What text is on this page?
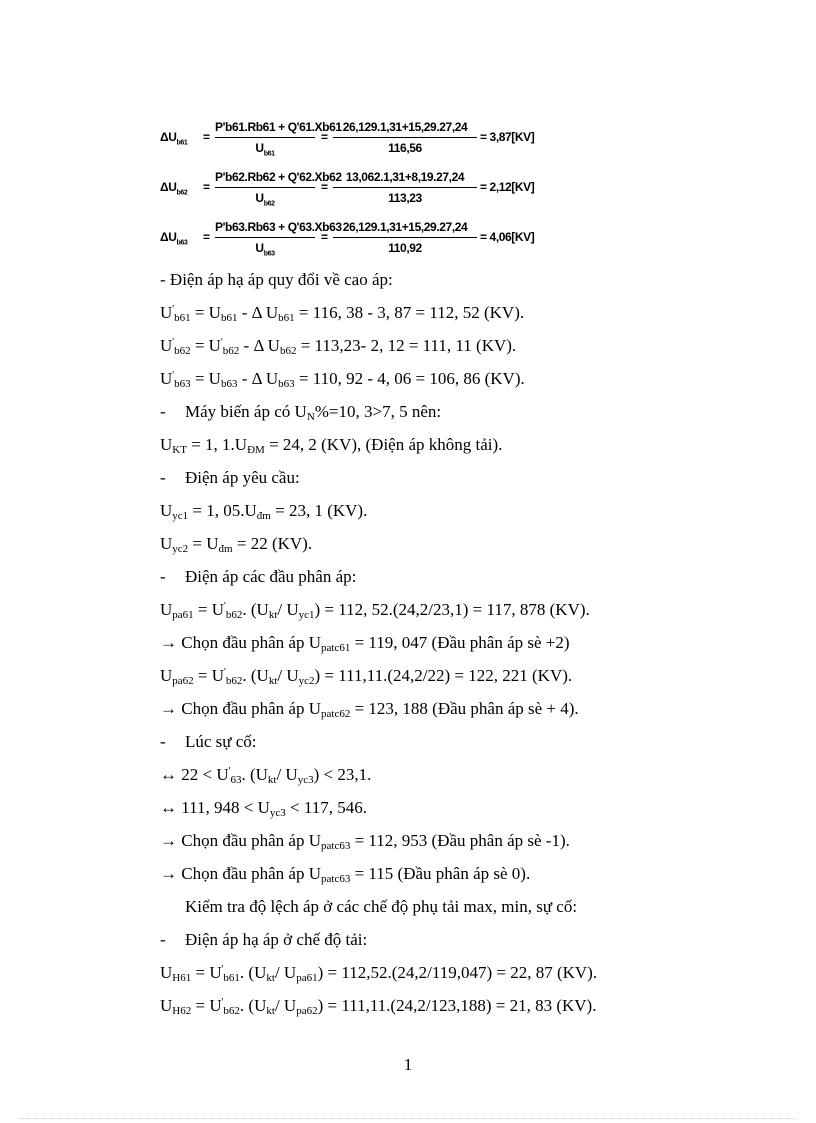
$\Delta U_{b61} = \frac{P'b61.Rb61 + Q'61.Xb61}{U_{b61}} = \frac{26,129.1,31+15,29.27,24}{116,56} = 3,87[KV]$
$\Delta U_{b62} = \frac{P'b62.Rb62 + Q'62.Xb62}{U_{b62}} = \frac{13,062.1,31+8,19.27,24}{113,23} = 2,12[KV]$
$\Delta U_{b63} = \frac{P'b63.Rb63 + Q'63.Xb63}{U_{b63}} = \frac{26,129.1,31+15,29.27,24}{110,92} = 4,06[KV]$
- Điện áp hạ áp quy đổi về cao áp:
$U'_{b61} = U_{b61} - \Delta$ $U_{b61} = 116$, 38 - 3, 87 = 112, 52 (KV).
$U'_{b62} = U'_{b62} - \Delta$ $U_{b62} = 113,23-$ 2, 12 = 111, 11 (KV).
$U'_{b63} = U_{b63} - \Delta$ $U_{b63} = 110$, 92 - 4, 06 = 106, 86 (KV).
- Máy biến áp có $U_N\%=10$, 3>7, 5 nên:
$U_{KT} = 1$, $1.U_{ĐM} = 24$, 2 (KV), (Điện áp không tải).
- Điện áp yêu cầu:
$U_{yc1} = 1$, $05.U_{đm} = 23$, 1 (KV).
$U_{yc2} = U_{đm} = 22$ (KV).
- Điện áp các đầu phân áp:
$U_{pa61} = U'_{b62}$. ($U_{kt}/$ $U_{yc1}) = 112$, 52.(24,2/23,1) = 117, 878 (KV).
→ Chọn đầu phân áp $U_{patc61} = 119$, 047 (Đầu phân áp sè +2)
$U_{pa62} = U'_{b62}$. ($U_{kt}/$ $U_{yc2}) = 111,11.(24,2/22) = 122$, 221 (KV).
→ Chọn đầu phân áp $U_{patc62} = 123$, 188 (Đầu phân áp sè + 4).
- Lúc sự cố:
↔ $22 < U'_{63}$. ($U_{kt}/$ $U_{yc3}) < 23,1$.
↔ 111, $948 < U_{yc3} < 117$, 546.
→ Chọn đầu phân áp $U_{patc63} = 112$, 953 (Đầu phân áp sè -1).
→ Chọn đầu phân áp $U_{patc63} = 115$ (Đầu phân áp sè 0).
Kiểm tra độ lệch áp ở các chế độ phụ tải max, min, sự cố:
- Điện áp hạ áp ở chế độ tải:
$U_{H61} = U'_{b61}$. ($U_{kt}/$ $U_{pa61}) = 112,52.(24,2/119,047) = 22$, 87 (KV).
$U_{H62} = U'_{b62}$. ($U_{kt}/$ $U_{pa62}) = 111,11.(24,2/123,188) = 21$, 83 (KV).
1
